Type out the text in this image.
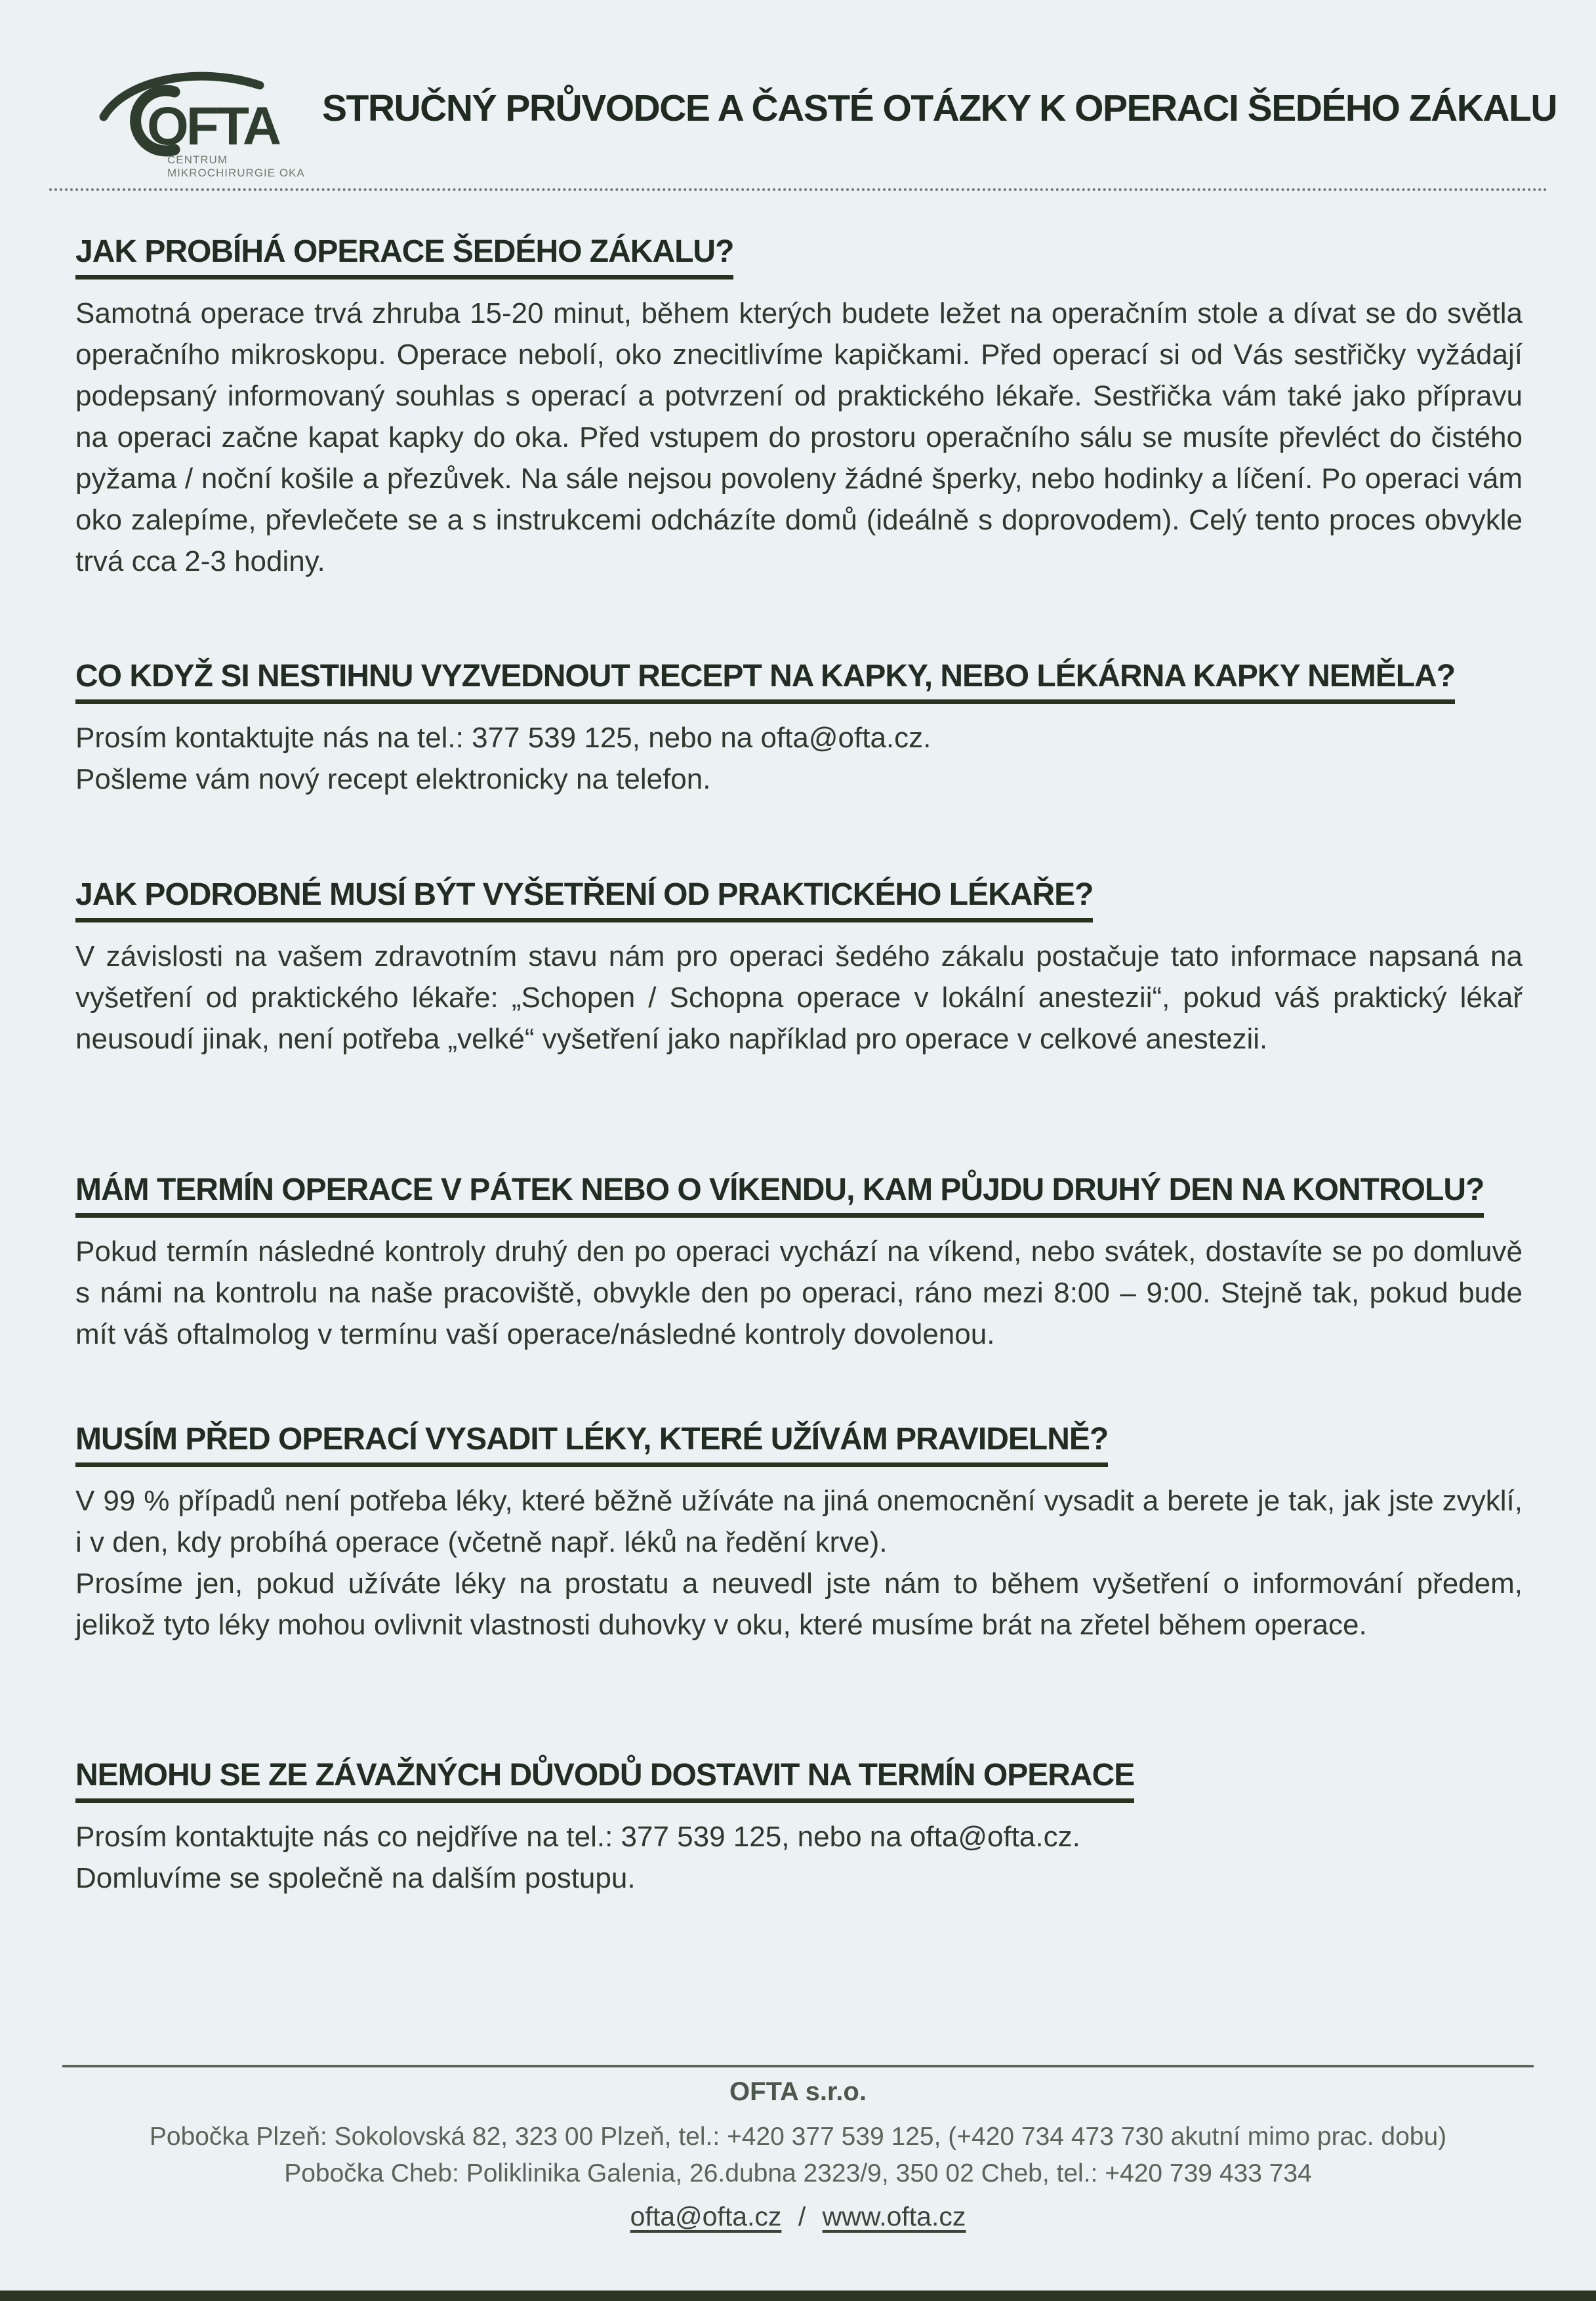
OFTA
CENTRUM
MIKROCHIRURGIE OKA
STRUČNÝ PRŮVODCE A ČASTÉ OTÁZKY K OPERACI ŠEDÉHO ZÁKALU
JAK PROBÍHÁ OPERACE ŠEDÉHO ZÁKALU?

Samotná operace trvá zhruba 15-20 minut, během kterých budete ležet na operačním stole a dívat se do světla operačního mikroskopu. Operace nebolí, oko znecitlivíme kapičkami. Před operací si od Vás sestřičky vyžádají podepsaný informovaný souhlas s operací a potvrzení od praktického lékaře. Sestřička vám také jako přípravu na operaci začne kapat kapky do oka. Před vstupem do prostoru operačního sálu se musíte převléct do čistého pyžama / noční košile a přezůvek. Na sále nejsou povoleny žádné šperky, nebo hodinky a líčení. Po operaci vám oko zalepíme, převlečete se a s instrukcemi odcházíte domů (ideálně s doprovodem). Celý tento proces obvykle trvá cca 2-3 hodiny.

CO KDYŽ SI NESTIHNU VYZVEDNOUT RECEPT NA KAPKY, NEBO LÉKÁRNA KAPKY NEMĚLA?

Prosím kontaktujte nás na tel.: 377 539 125, nebo na ofta@ofta.cz.

Pošleme vám nový recept elektronicky na telefon.

JAK PODROBNÉ MUSÍ BÝT VYŠETŘENÍ OD PRAKTICKÉHO LÉKAŘE?

V závislosti na vašem zdravotním stavu nám pro operaci šedého zákalu postačuje tato informace napsaná na vyšetření od praktického lékaře: „Schopen / Schopna operace v lokální anestezii“, pokud váš praktický lékař neusoudí jinak, není potřeba „velké“ vyšetření jako například pro operace v celkové anestezii.

MÁM TERMÍN OPERACE V PÁTEK NEBO O VÍKENDU, KAM PŮJDU DRUHÝ DEN NA KONTROLU?

Pokud termín následné kontroly druhý den po operaci vychází na víkend, nebo svátek, dostavíte se po domluvě s námi na kontrolu na naše pracoviště, obvykle den po operaci, ráno mezi 8:00 – 9:00. Stejně tak, pokud bude mít váš oftalmolog v termínu vaší operace/následné kontroly dovolenou.

MUSÍM PŘED OPERACÍ VYSADIT LÉKY, KTERÉ UŽÍVÁM PRAVIDELNĚ?

V 99 % případů není potřeba léky, které běžně užíváte na jiná onemocnění vysadit a berete je tak, jak jste zvyklí, i v den, kdy probíhá operace (včetně např. léků na ředění krve).

Prosíme jen, pokud užíváte léky na prostatu a neuvedl jste nám to během vyšetření o informování předem, jelikož tyto léky mohou ovlivnit vlastnosti duhovky v oku, které musíme brát na zřetel během operace.

NEMOHU SE ZE ZÁVAŽNÝCH DŮVODŮ DOSTAVIT NA TERMÍN OPERACE

Prosím kontaktujte nás co nejdříve na tel.: 377 539 125, nebo na ofta@ofta.cz.

Domluvíme se společně na dalším postupu.

OFTA s.r.o.
Pobočka Plzeň: Sokolovská 82, 323 00 Plzeň, tel.: +420 377 539 125, (+420 734 473 730 akutní mimo prac. dobu)
Pobočka Cheb: Poliklinika Galenia, 26.dubna 2323/9, 350 02 Cheb, tel.: +420 739 433 734
ofta@ofta.cz / www.ofta.cz
